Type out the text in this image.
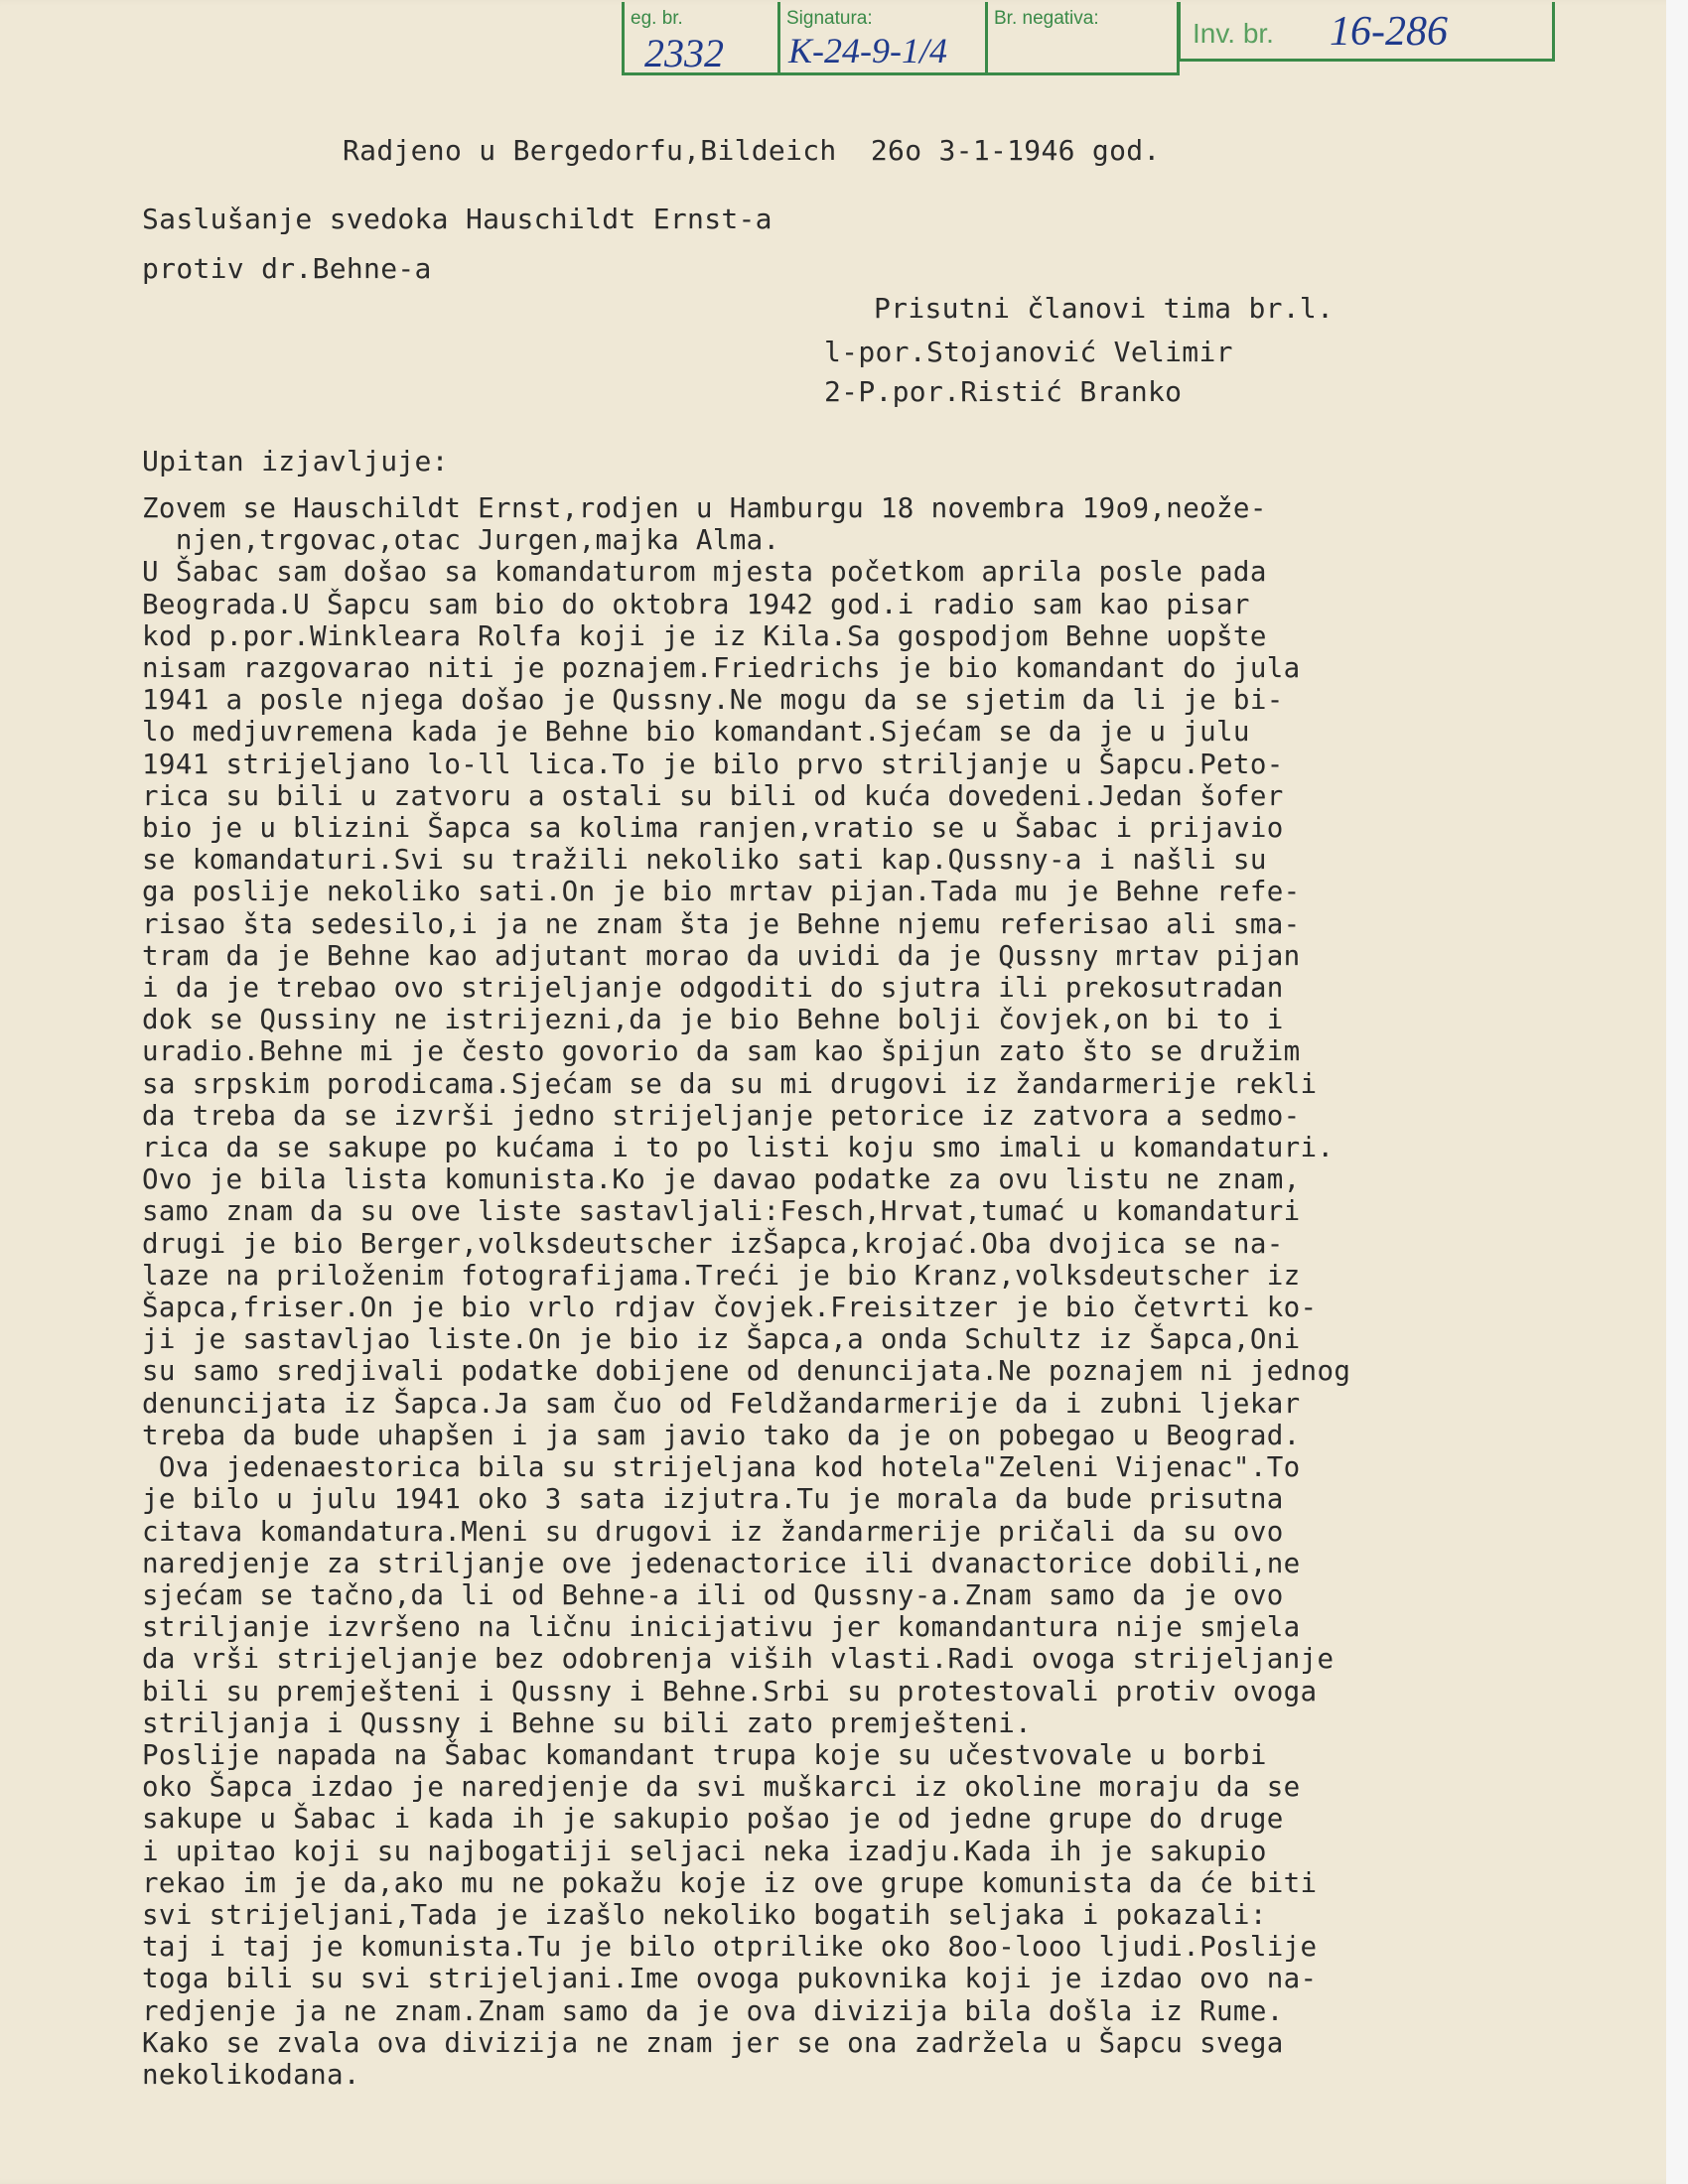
eg. br.
2332
Signatura:
K-24-9-1/4
Br. negativa:	Inv. br. 16-286

Radjeno u Bergedorfu,Bildeich  26o 3-1-1946 god.

Saslušanje svedoka Hauschildt Ernst-a

protiv dr.Behne-a

Prisutni članovi tima br.l.

l-por.Stojanović Velimir

2-P.por.Ristić Branko

Upitan izjavljuje:

Zovem se Hauschildt Ernst,rodjen u Hamburgu 18 novembra 19o9,neože-
njen,trgovac,otac Jurgen,majka Alma.
U Šabac sam došao sa komandaturom mjesta početkom aprila posle pada
Beograda.U Šapcu sam bio do oktobra 1942 god.i radio sam kao pisar
kod p.por.Winkleara Rolfa koji je iz Kila.Sa gospodjom Behne uopšte
nisam razgovarao niti je poznajem.Friedrichs je bio komandant do jula
1941 a posle njega došao je Qussny.Ne mogu da se sjetim da li je bi-
lo medjuvremena kada je Behne bio komandant.Sjećam se da je u julu
1941 strijeljano lo-ll lica.To je bilo prvo striljanje u Šapcu.Peto-
rica su bili u zatvoru a ostali su bili od kuća dovedeni.Jedan šofer
bio je u blizini Šapca sa kolima ranjen,vratio se u Šabac i prijavio
se komandaturi.Svi su tražili nekoliko sati kap.Qussny-a i našli su
ga poslije nekoliko sati.On je bio mrtav pijan.Tada mu je Behne refe-
risao šta sedesilo,i ja ne znam šta je Behne njemu referisao ali sma-
tram da je Behne kao adjutant morao da uvidi da je Qussny mrtav pijan
i da je trebao ovo strijeljanje odgoditi do sjutra ili prekosutradan
dok se Qussiny ne istrijezni,da je bio Behne bolji čovjek,on bi to i
uradio.Behne mi je često govorio da sam kao špijun zato što se družim
sa srpskim porodicama.Sjećam se da su mi drugovi iz žandarmerije rekli
da treba da se izvrši jedno strijeljanje petorice iz zatvora a sedmo-
rica da se sakupe po kućama i to po listi koju smo imali u komandaturi.
Ovo je bila lista komunista.Ko je davao podatke za ovu listu ne znam,
samo znam da su ove liste sastavljali:Fesch,Hrvat,tumać u komandaturi
drugi je bio Berger,volksdeutscher izŠapca,krojać.Oba dvojica se na-
laze na priloženim fotografijama.Treći je bio Kranz,volksdeutscher iz
Šapca,friser.On je bio vrlo rdjav čovjek.Freisitzer je bio četvrti ko-
ji je sastavljao liste.On je bio iz Šapca,a onda Schultz iz Šapca,Oni
su samo sredjivali podatke dobijene od denuncijata.Ne poznajem ni jednog
denuncijata iz Šapca.Ja sam čuo od Feldžandarmerije da i zubni ljekar
treba da bude uhapšen i ja sam javio tako da je on pobegao u Beograd.
Ova jedenaestorica bila su strijeljana kod hotela"Zeleni Vijenac".To
je bilo u julu 1941 oko 3 sata izjutra.Tu je morala da bude prisutna
citava komandatura.Meni su drugovi iz žandarmerije pričali da su ovo
naredjenje za striljanje ove jedenactorice ili dvanactorice dobili,ne
sjećam se tačno,da li od Behne-a ili od Qussny-a.Znam samo da je ovo
striljanje izvršeno na ličnu inicijativu jer komandantura nije smjela
da vrši strijeljanje bez odobrenja viših vlasti.Radi ovoga strijeljanje
bili su premješteni i Qussny i Behne.Srbi su protestovali protiv ovoga
striljanja i Qussny i Behne su bili zato premješteni.
Poslije napada na Šabac komandant trupa koje su učestvovale u borbi
oko Šapca izdao je naredjenje da svi muškarci iz okoline moraju da se
sakupe u Šabac i kada ih je sakupio pošao je od jedne grupe do druge
i upitao koji su najbogatiji seljaci neka izadju.Kada ih je sakupio
rekao im je da,ako mu ne pokažu koje iz ove grupe komunista da će biti
svi strijeljani,Tada je izašlo nekoliko bogatih seljaka i pokazali:
taj i taj je komunista.Tu je bilo otprilike oko 8oo-looo ljudi.Poslije
toga bili su svi strijeljani.Ime ovoga pukovnika koji je izdao ovo na-
redjenje ja ne znam.Znam samo da je ova divizija bila došla iz Rume.
Kako se zvala ova divizija ne znam jer se ona zadržela u Šapcu svega
nekolikodana.
